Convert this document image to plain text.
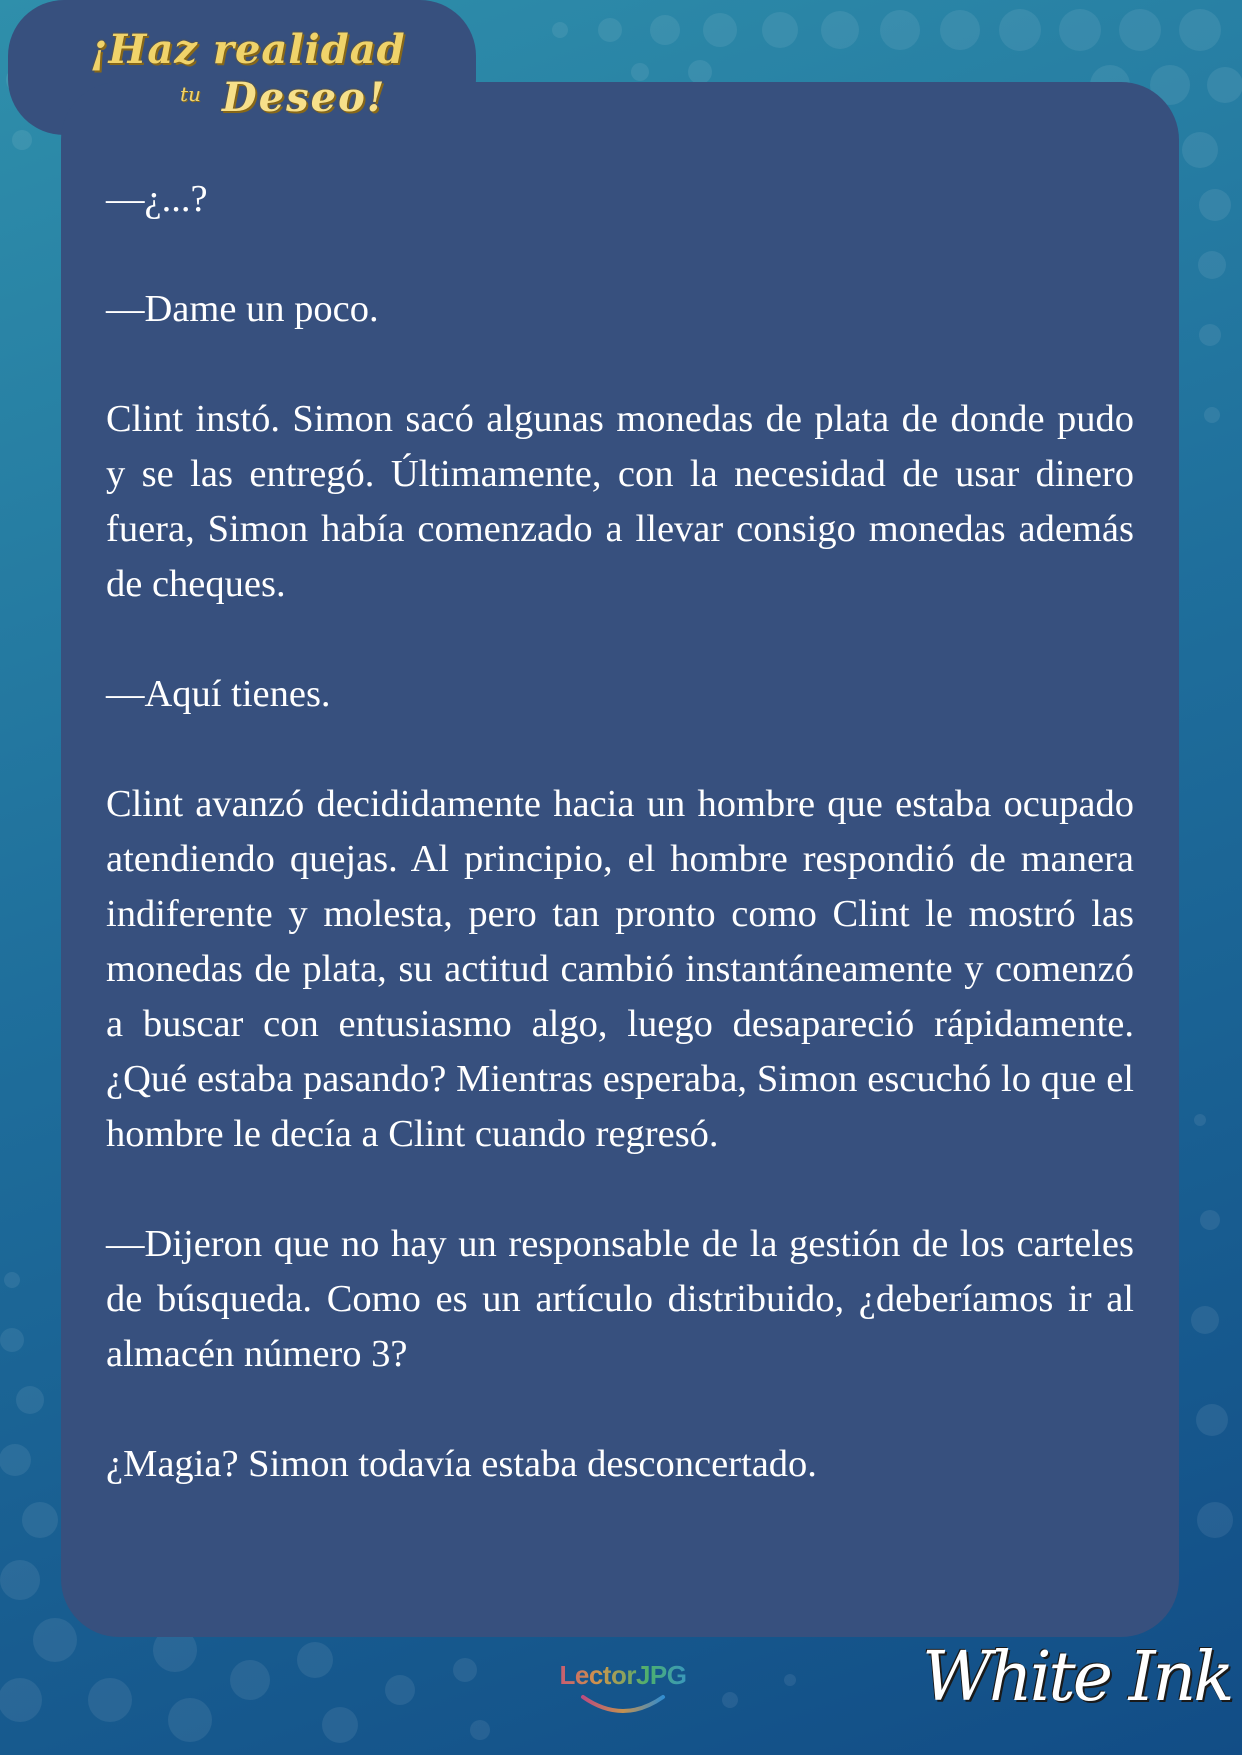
¡Haz realidad
tu Deseo!

—¿...?

—Dame un poco.

Clint instó. Simon sacó algunas monedas de plata de donde pudo y se las entregó. Últimamente, con la necesidad de usar dinero fuera, Simon había comenzado a llevar consigo monedas además de cheques.

—Aquí tienes.

Clint avanzó decididamente hacia un hombre que estaba ocupado atendiendo quejas. Al principio, el hombre respondió de manera indiferente y molesta, pero tan pronto como Clint le mostró las monedas de plata, su actitud cambió instantáneamente y comenzó a buscar con entusiasmo algo, luego desapareció rápidamente. ¿Qué estaba pasando? Mientras esperaba, Simon escuchó lo que el hombre le decía a Clint cuando regresó.

—Dijeron que no hay un responsable de la gestión de los carteles de búsqueda. Como es un artículo distribuido, ¿deberíamos ir al almacén número 3?

¿Magia? Simon todavía estaba desconcertado.

LectorJPG	White Ink
